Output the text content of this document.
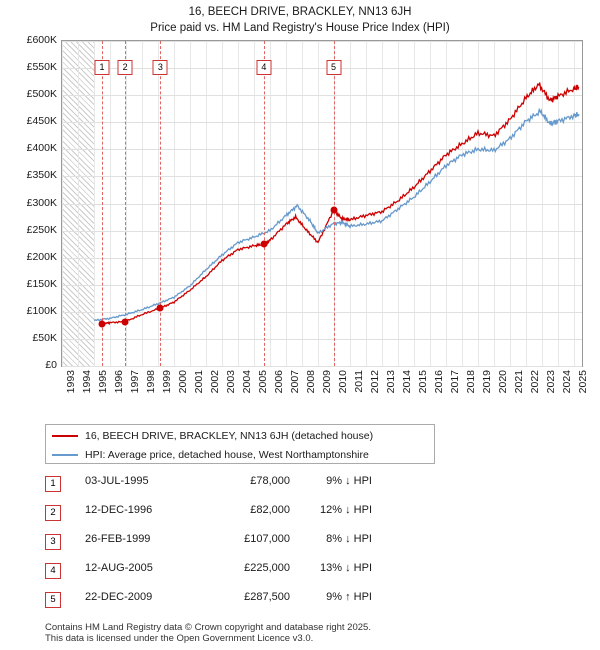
16, BEECH DRIVE, BRACKLEY, NN13 6JH
Price paid vs. HM Land Registry's House Price Index (HPI)
1	2	3	4	5
£0
£50K
£100K
£150K
£200K
£250K
£300K
£350K
£400K
£450K
£500K
£550K
£600K
1993 1994 1995 1996 1997 1998 1999 2000 2001 2002 2003 2004 2005 2006 2007 2008 2009 2010 2011 2012 2013 2014 2015 2016 2017 2018 2019 2020 2021 2022 2023 2024 2025
16, BEECH DRIVE, BRACKLEY, NN13 6JH (detached house)
HPI: Average price, detached house, West Northamptonshire
1	03-JUL-1995	£78,000	9% ↓ HPI
2	12-DEC-1996	£82,000	12% ↓ HPI
3	26-FEB-1999	£107,000	8% ↓ HPI
4	12-AUG-2005	£225,000	13% ↓ HPI
5	22-DEC-2009	£287,500	9% ↑ HPI
Contains HM Land Registry data © Crown copyright and database right 2025.
This data is licensed under the Open Government Licence v3.0.
